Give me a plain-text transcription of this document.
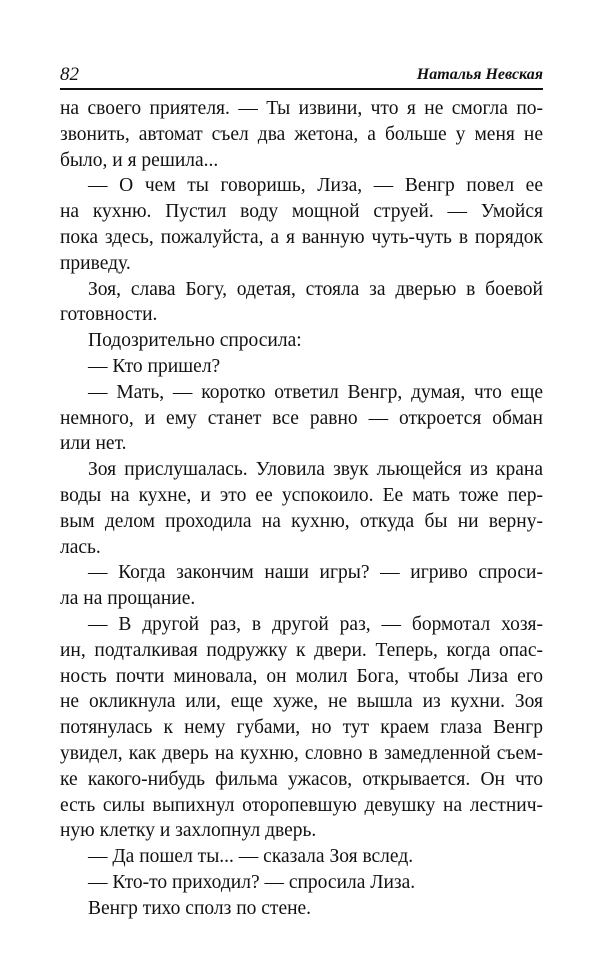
82	Наталья Невская
на своего приятеля. — Ты извини, что я не смогла по-
звонить, автомат съел два жетона, а больше у меня не
было, и я решила...
— О чем ты говоришь, Лиза, — Венгр повел ее
на кухню. Пустил воду мощной струей. — Умойся
пока здесь, пожалуйста, а я ванную чуть-чуть в порядок
приведу.
Зоя, слава Богу, одетая, стояла за дверью в боевой
готовности.
Подозрительно спросила:
— Кто пришел?
— Мать, — коротко ответил Венгр, думая, что еще
немного, и ему станет все равно — откроется обман
или нет.
Зоя прислушалась. Уловила звук льющейся из крана
воды на кухне, и это ее успокоило. Ее мать тоже пер-
вым делом проходила на кухню, откуда бы ни верну-
лась.
— Когда закончим наши игры? — игриво спроси-
ла на прощание.
— В другой раз, в другой раз, — бормотал хозя-
ин, подталкивая подружку к двери. Теперь, когда опас-
ность почти миновала, он молил Бога, чтобы Лиза его
не окликнула или, еще хуже, не вышла из кухни. Зоя
потянулась к нему губами, но тут краем глаза Венгр
увидел, как дверь на кухню, словно в замедленной съем-
ке какого-нибудь фильма ужасов, открывается. Он что
есть силы выпихнул оторопевшую девушку на лестнич-
ную клетку и захлопнул дверь.
— Да пошел ты... — сказала Зоя вслед.
— Кто-то приходил? — спросила Лиза.
Венгр тихо сполз по стене.
